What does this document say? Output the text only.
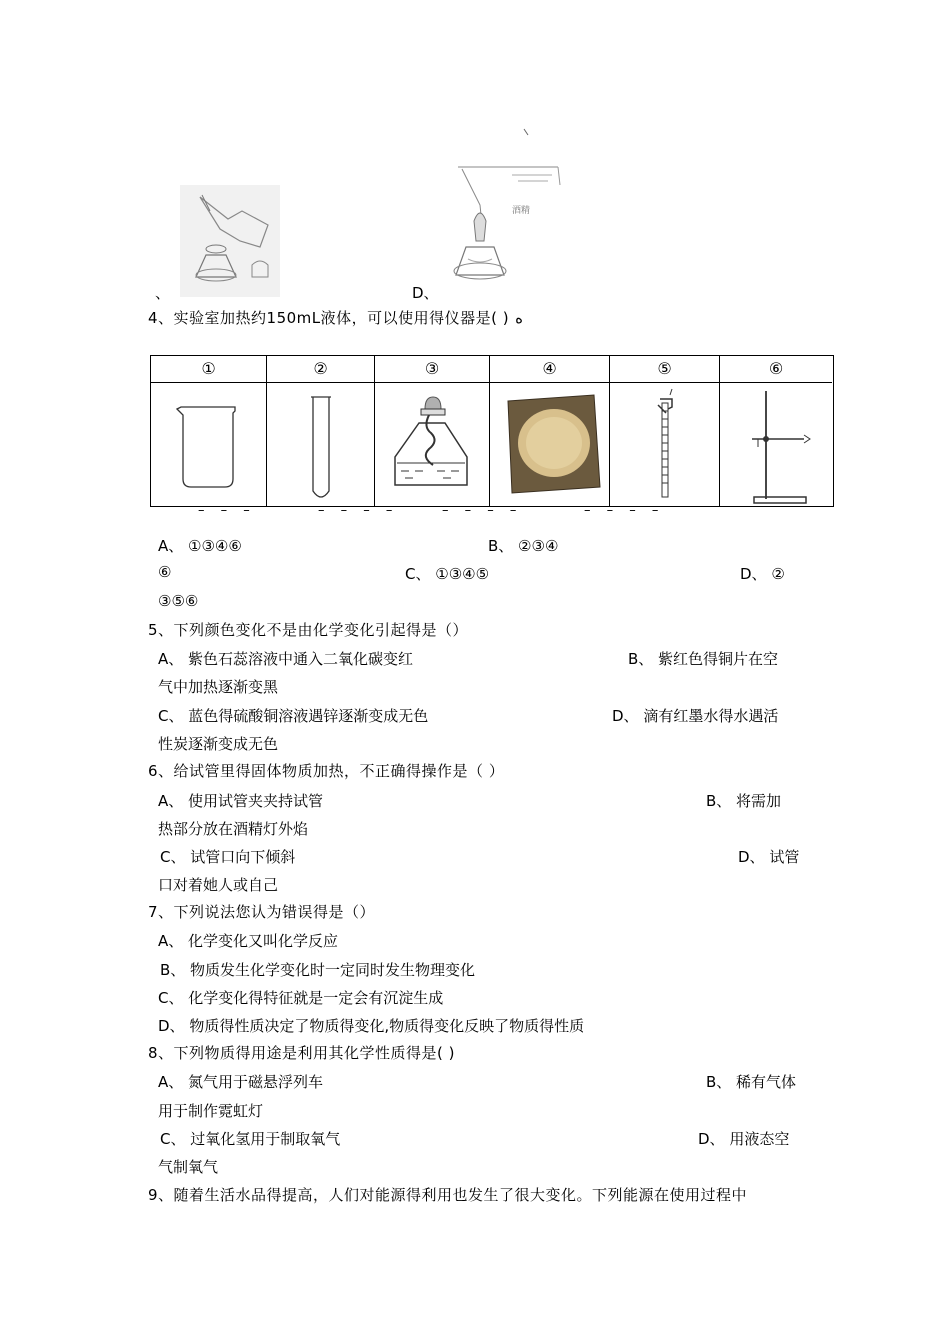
、
酒精
D、
4、实验室加热约150mL液体，可以使用得仪器是( ) ه
①	②	③	④	⑤	⑥
– – –	– – – –	– – – –	– – – –
A、 ①③④⑥	B、 ②③④
⑥	C、 ①③④⑤	D、 ②
③⑤⑥
5、下列颜色变化不是由化学变化引起得是（）
A、 紫色石蕊溶液中通入二氧化碳变红	B、 紫红色得铜片在空
气中加热逐渐变黑
C、 蓝色得硫酸铜溶液遇锌逐渐变成无色	D、 滴有红墨水得水遇活
性炭逐渐变成无色
6、给试管里得固体物质加热，不正确得操作是（ ）
A、 使用试管夹夹持试管	B、 将需加
热部分放在酒精灯外焰
C、 试管口向下倾斜	D、 试管
口对着她人或自己
7、下列说法您认为错误得是（）
A、 化学变化又叫化学反应
B、 物质发生化学变化时一定同时发生物理变化
C、 化学变化得特征就是一定会有沉淀生成
D、 物质得性质决定了物质得变化,物质得变化反映了物质得性质
8、下列物质得用途是利用其化学性质得是( )
A、 氮气用于磁悬浮列车	B、 稀有气体
用于制作霓虹灯
C、 过氧化氢用于制取氧气	D、 用液态空
气制氧气
9、随着生活水品得提高，人们对能源得利用也发生了很大变化。下列能源在使用过程中
